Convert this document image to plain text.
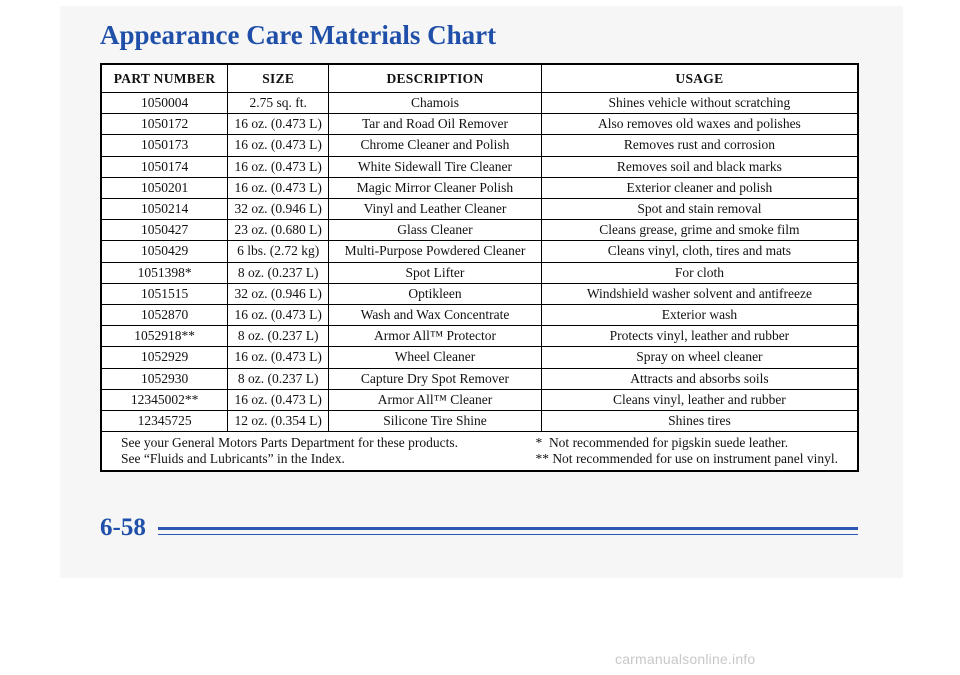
Appearance Care Materials Chart
PART NUMBER	SIZE	DESCRIPTION	USAGE
1050004	2.75 sq. ft.	Chamois	Shines vehicle without scratching
1050172	16 oz. (0.473 L)	Tar and Road Oil Remover	Also removes old waxes and polishes
1050173	16 oz. (0.473 L)	Chrome Cleaner and Polish	Removes rust and corrosion
1050174	16 oz. (0.473 L)	White Sidewall Tire Cleaner	Removes soil and black marks
1050201	16 oz. (0.473 L)	Magic Mirror Cleaner Polish	Exterior cleaner and polish
1050214	32 oz. (0.946 L)	Vinyl and Leather Cleaner	Spot and stain removal
1050427	23 oz. (0.680 L)	Glass Cleaner	Cleans grease, grime and smoke film
1050429	6 lbs. (2.72 kg)	Multi-Purpose Powdered Cleaner	Cleans vinyl, cloth, tires and mats
1051398*	8 oz. (0.237 L)	Spot Lifter	For cloth
1051515	32 oz. (0.946 L)	Optikleen	Windshield washer solvent and antifreeze
1052870	16 oz. (0.473 L)	Wash and Wax Concentrate	Exterior wash
1052918**	8 oz. (0.237 L)	Armor All™ Protector	Protects vinyl, leather and rubber
1052929	16 oz. (0.473 L)	Wheel Cleaner	Spray on wheel cleaner
1052930	8 oz. (0.237 L)	Capture Dry Spot Remover	Attracts and absorbs soils
12345002**	16 oz. (0.473 L)	Armor All™ Cleaner	Cleans vinyl, leather and rubber
12345725	12 oz. (0.354 L)	Silicone Tire Shine	Shines tires

See your General Motors Parts Department for these products.
See “Fluids and Lubricants” in the Index.
*  Not recommended for pigskin suede leather.
** Not recommended for use on instrument panel vinyl.			
6-58
carmanualsonline.info
